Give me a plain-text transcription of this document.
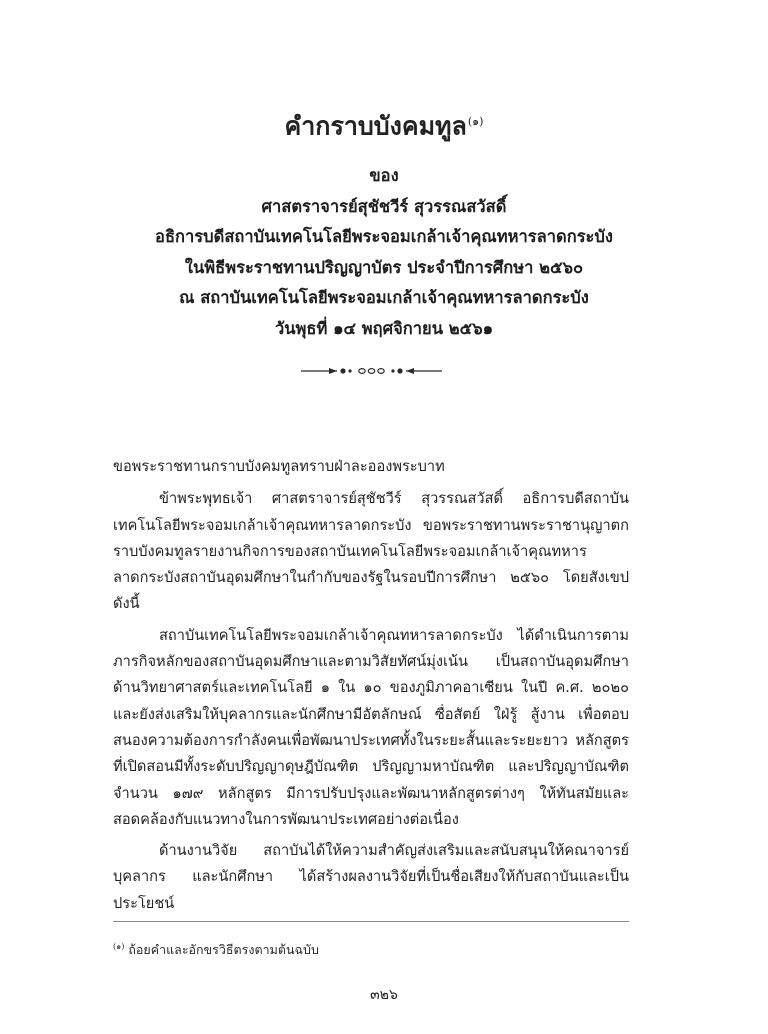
คำกราบบังคมทูล$^{(๑)}$
ของ
ศาสตราจารย์สุชัชวีร์ สุวรรณสวัสดิ์
อธิการบดีสถาบันเทคโนโลยีพระจอมเกล้าเจ้าคุณทหารลาดกระบัง
ในพิธีพระราชทานปริญญาบัตร ประจำปีการศึกษา ๒๕๖๐
ณ สถาบันเทคโนโลยีพระจอมเกล้าเจ้าคุณทหารลาดกระบัง
วันพุธที่ ๑๔ พฤศจิกายน ๒๕๖๑

ขอพระราชทานกราบบังคมทูลทราบฝ่าละอองพระบาท

ข้าพระพุทธเจ้า ศาสตราจารย์สุชัชวีร์ สุวรรณสวัสดิ์ อธิการบดีสถาบันเทคโนโลยีพระจอมเกล้าเจ้าคุณทหารลาดกระบัง ขอพระราชทานพระราชานุญาตกราบบังคมทูลรายงานกิจการของสถาบันเทคโนโลยีพระจอมเกล้าเจ้าคุณทหารลาดกระบังสถาบันอุดมศึกษาในกำกับของรัฐในรอบปีการศึกษา ๒๕๖๐ โดยสังเขป ดังนี้

สถาบันเทคโนโลยีพระจอมเกล้าเจ้าคุณทหารลาดกระบัง ได้ดำเนินการตามภารกิจหลักของสถาบันอุดมศึกษาและตามวิสัยทัศน์มุ่งเน้น เป็นสถาบันอุดมศึกษาด้านวิทยาศาสตร์และเทคโนโลยี ๑ ใน ๑๐ ของภูมิภาคอาเซียน ในปี ค.ศ. ๒๐๒๐ และยังส่งเสริมให้บุคลากรและนักศึกษามีอัตลักษณ์ ซื่อสัตย์ ใฝ่รู้ สู้งาน เพื่อตอบสนองความต้องการกำลังคนเพื่อพัฒนาประเทศทั้งในระยะสั้นและระยะยาว หลักสูตรที่เปิดสอนมีทั้งระดับปริญญาดุษฎีบัณฑิต ปริญญามหาบัณฑิต และปริญญาบัณฑิต จำนวน ๑๗๙ หลักสูตร มีการปรับปรุงและพัฒนาหลักสูตรต่างๆ ให้ทันสมัยและสอดคล้องกับแนวทางในการพัฒนาประเทศอย่างต่อเนื่อง

ด้านงานวิจัย สถาบันได้ให้ความสำคัญส่งเสริมและสนับสนุนให้คณาจารย์ บุคลากร และนักศึกษา ได้สร้างผลงานวิจัยที่เป็นชื่อเสียงให้กับสถาบันและเป็นประโยชน์

$^{(๑)}$ ถ้อยคำและอักขรวิธีตรงตามต้นฉบับ
๓๒๖
